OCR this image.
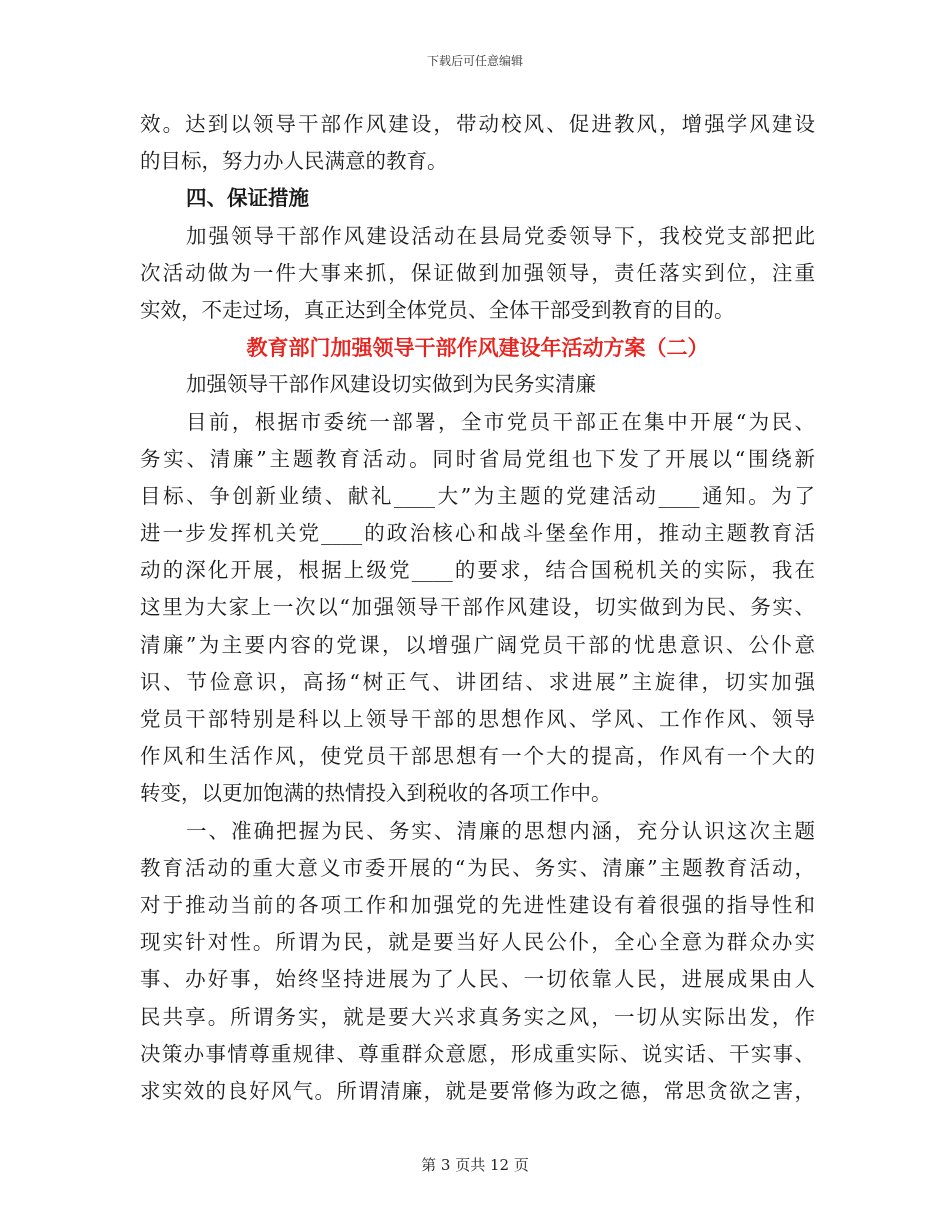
下载后可任意编辑
效。达到以领导干部作风建设，带动校风、促进教风，增强学风建设
的目标，努力办人民满意的教育。
四、保证措施
加强领导干部作风建设活动在县局党委领导下，我校党支部把此
次活动做为一件大事来抓，保证做到加强领导，责任落实到位，注重
实效，不走过场，真正达到全体党员、全体干部受到教育的目的。
教育部门加强领导干部作风建设年活动方案（二）
加强领导干部作风建设切实做到为民务实清廉
目前，根据市委统一部署，全市党员干部正在集中开展“为民、
务实、清廉”主题教育活动。同时省局党组也下发了开展以“围绕新
目标、争创新业绩、献礼____大”为主题的党建活动____通知。为了
进一步发挥机关党____的政治核心和战斗堡垒作用，推动主题教育活
动的深化开展，根据上级党____的要求，结合国税机关的实际，我在
这里为大家上一次以“加强领导干部作风建设，切实做到为民、务实、
清廉”为主要内容的党课，以增强广阔党员干部的忧患意识、公仆意
识、节俭意识，高扬“树正气、讲团结、求进展”主旋律，切实加强
党员干部特别是科以上领导干部的思想作风、学风、工作作风、领导
作风和生活作风，使党员干部思想有一个大的提高，作风有一个大的
转变，以更加饱满的热情投入到税收的各项工作中。
一、准确把握为民、务实、清廉的思想内涵，充分认识这次主题
教育活动的重大意义市委开展的“为民、务实、清廉”主题教育活动，
对于推动当前的各项工作和加强党的先进性建设有着很强的指导性和
现实针对性。所谓为民，就是要当好人民公仆，全心全意为群众办实
事、办好事，始终坚持进展为了人民、一切依靠人民，进展成果由人
民共享。所谓务实，就是要大兴求真务实之风，一切从实际出发，作
决策办事情尊重规律、尊重群众意愿，形成重实际、说实话、干实事、
求实效的良好风气。所谓清廉，就是要常修为政之德，常思贪欲之害，
第 3 页共 12 页
